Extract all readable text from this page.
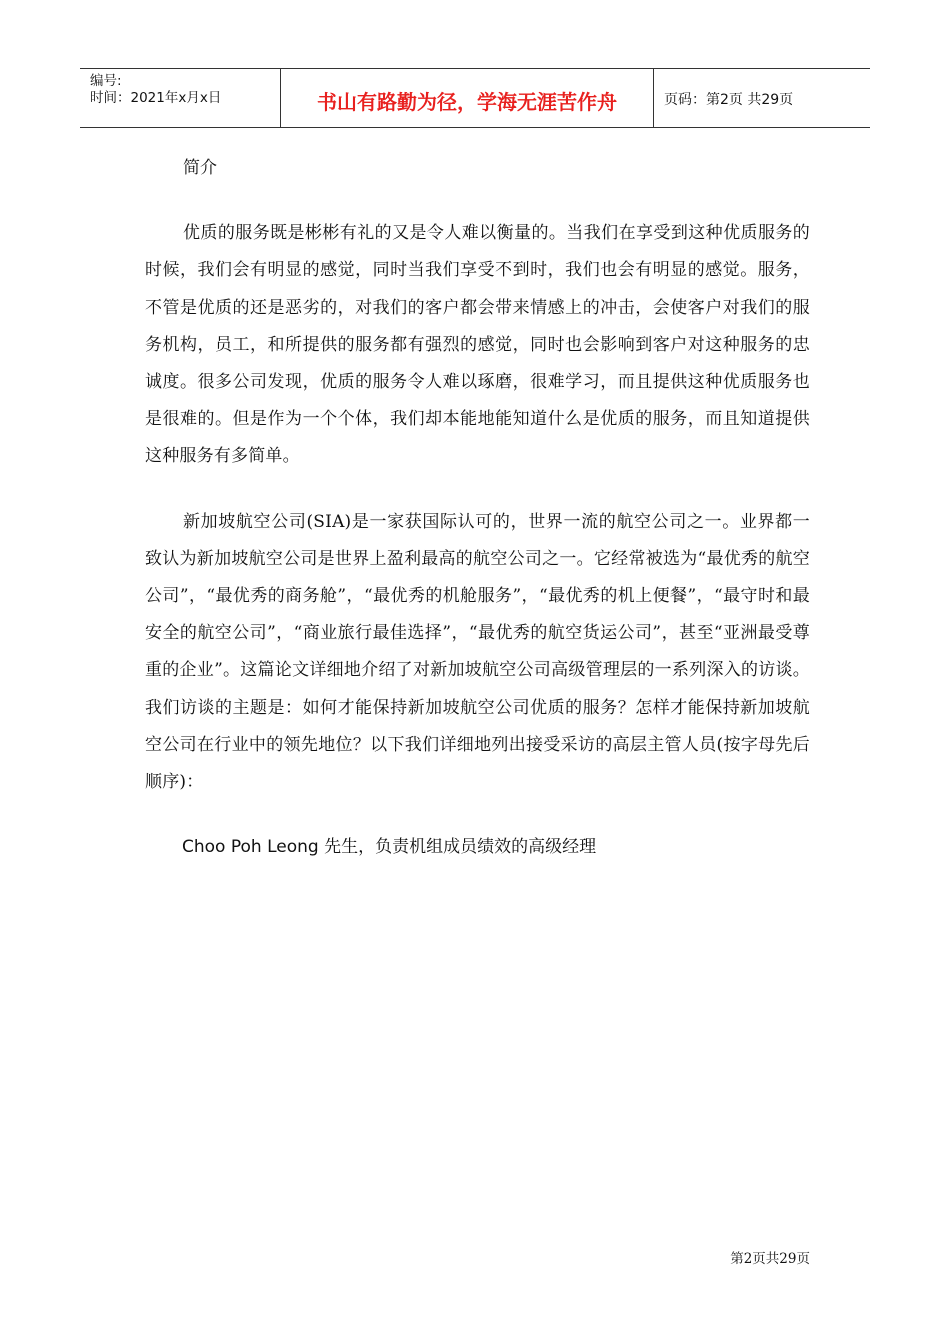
编号:
时间：2021年x月x日	书山有路勤为径，学海无涯苦作舟	页码：第2页 共29页
简介

优质的服务既是彬彬有礼的又是令人难以衡量的。当我们在享受到这种优质服务的时候，我们会有明显的感觉，同时当我们享受不到时，我们也会有明显的感觉。服务，不管是优质的还是恶劣的，对我们的客户都会带来情感上的冲击，会使客户对我们的服务机构，员工，和所提供的服务都有强烈的感觉，同时也会影响到客户对这种服务的忠诚度。很多公司发现，优质的服务令人难以琢磨，很难学习，而且提供这种优质服务也是很难的。但是作为一个个体，我们却本能地能知道什么是优质的服务，而且知道提供这种服务有多简单。

新加坡航空公司(SIA)是一家获国际认可的，世界一流的航空公司之一。业界都一致认为新加坡航空公司是世界上盈利最高的航空公司之一。它经常被选为“最优秀的航空公司”，“最优秀的商务舱”，“最优秀的机舱服务”，“最优秀的机上便餐”，“最守时和最安全的航空公司”，“商业旅行最佳选择”，“最优秀的航空货运公司”，甚至“亚洲最受尊重的企业”。这篇论文详细地介绍了对新加坡航空公司高级管理层的一系列深入的访谈。我们访谈的主题是：如何才能保持新加坡航空公司优质的服务？怎样才能保持新加坡航空公司在行业中的领先地位？以下我们详细地列出接受采访的高层主管人员(按字母先后顺序)：

Choo Poh Leong 先生，负责机组成员绩效的高级经理
第2页共29页
